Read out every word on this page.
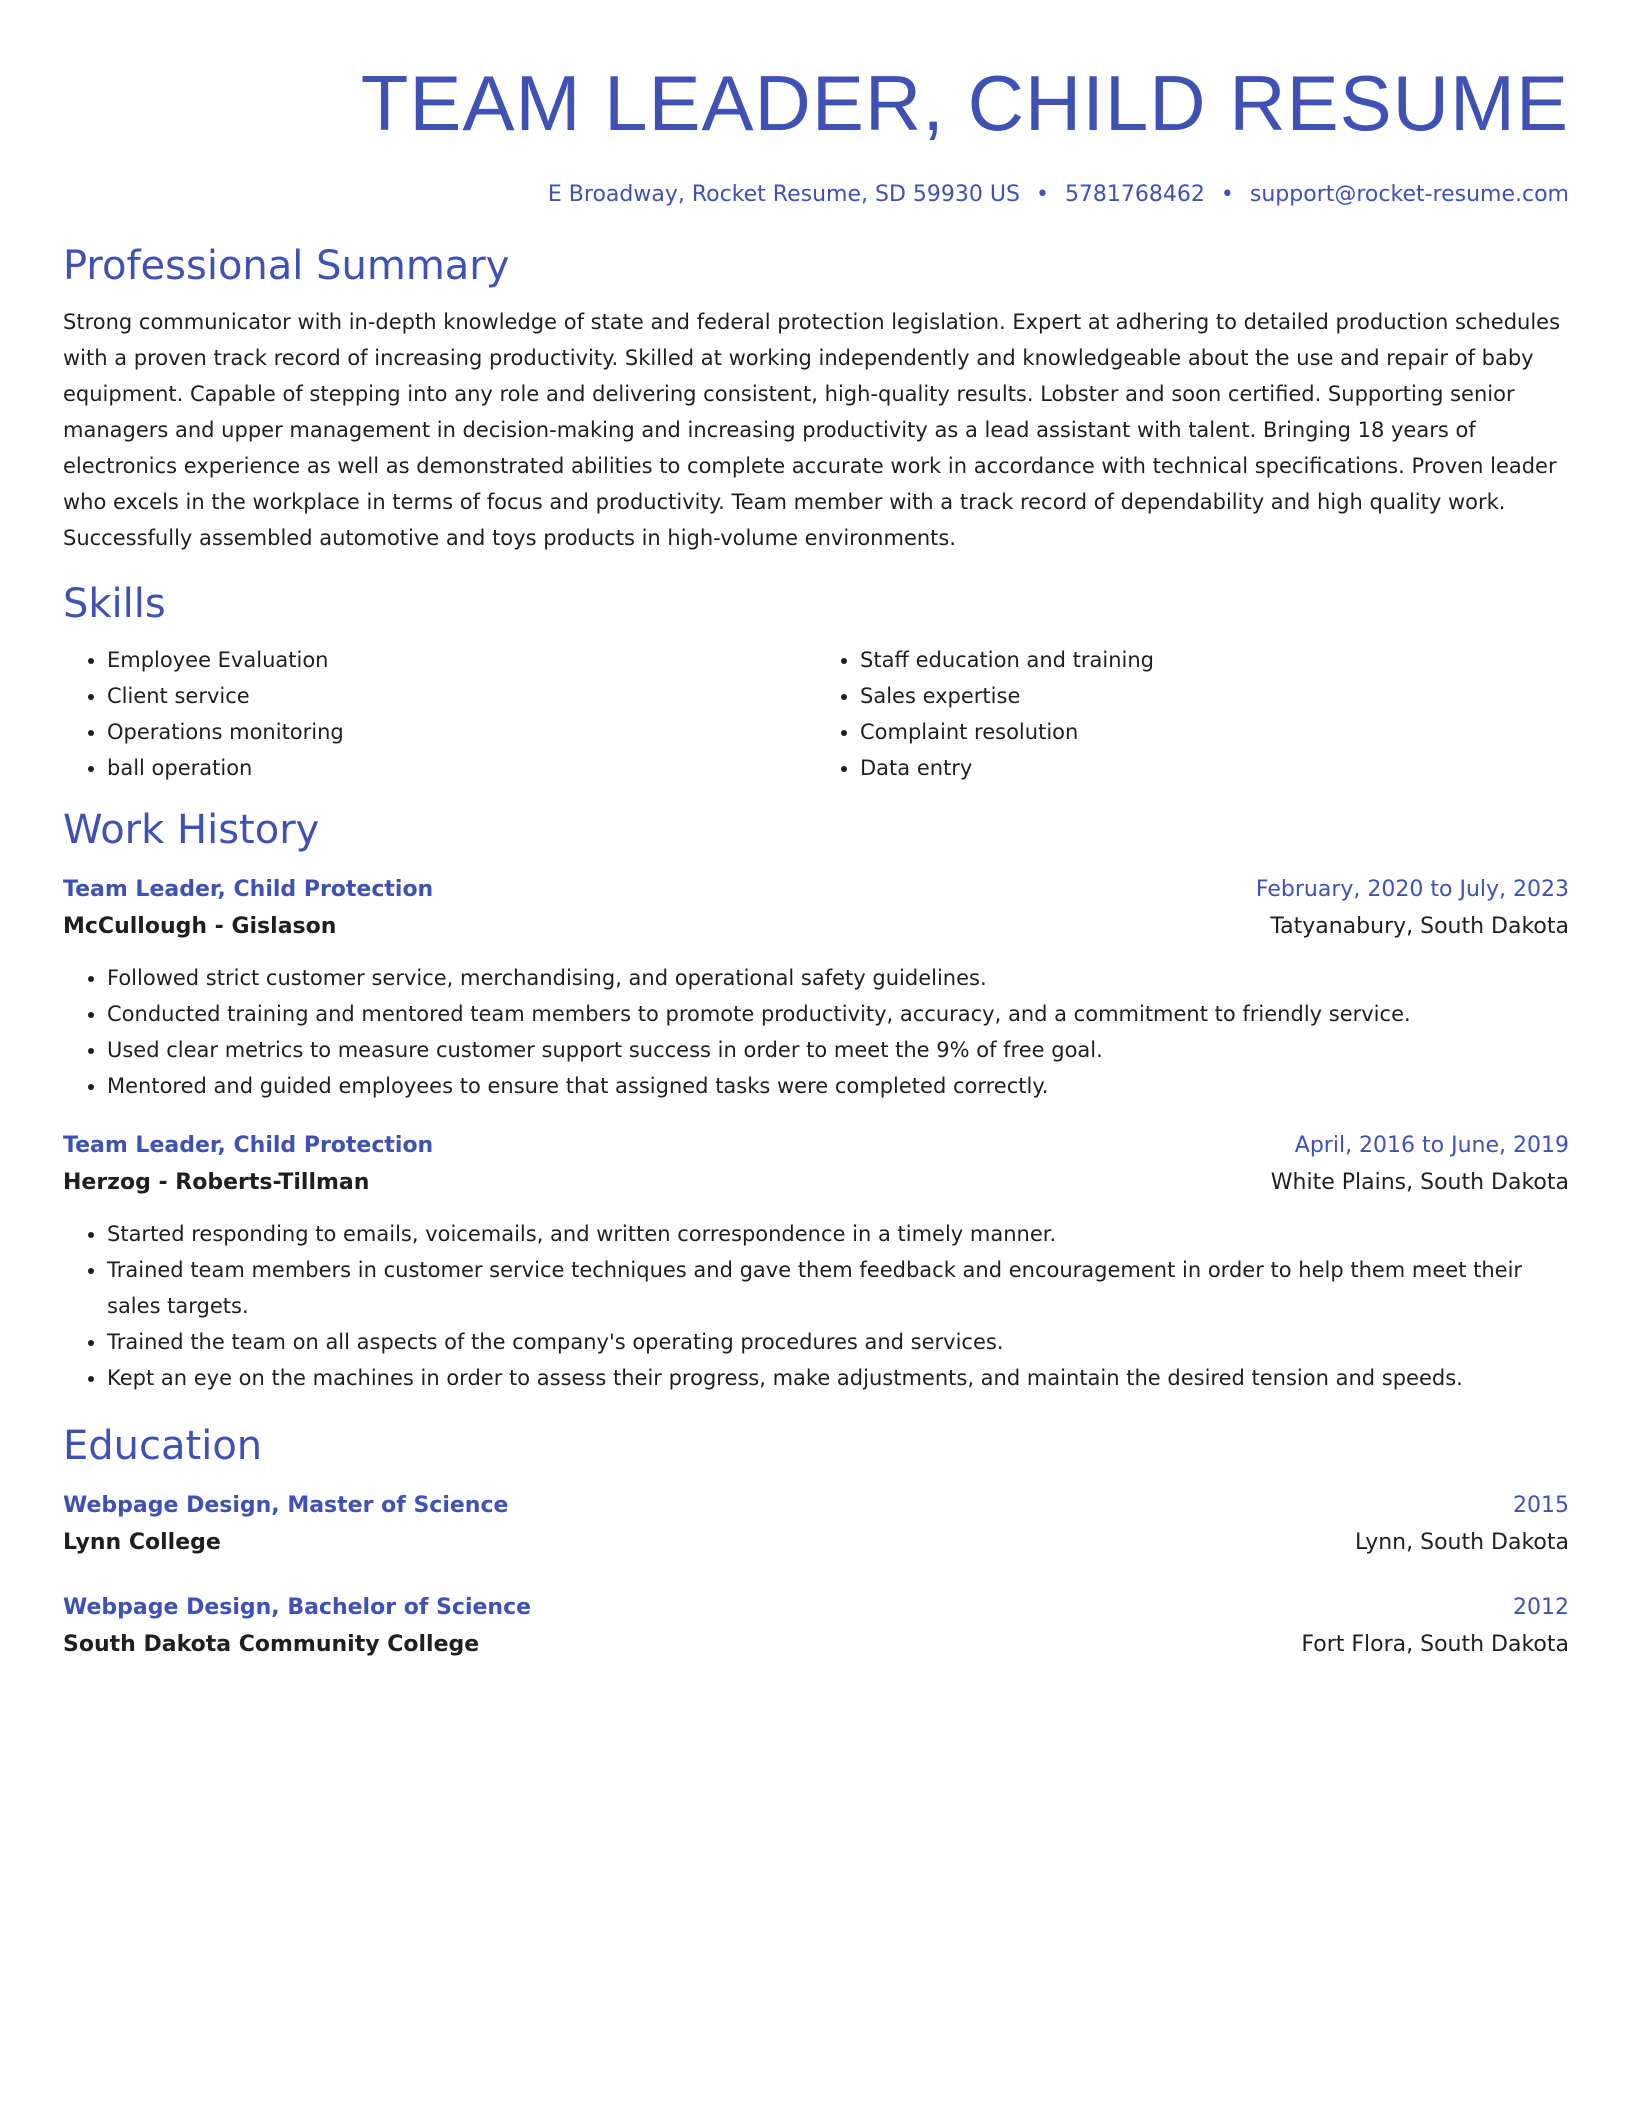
TEAM LEADER, CHILD RESUME
E Broadway, Rocket Resume, SD 59930 US • 5781768462 • support@rocket-resume.com
Professional Summary
Strong communicator with in-depth knowledge of state and federal protection legislation. Expert at adhering to detailed production schedules with a proven track record of increasing productivity. Skilled at working independently and knowledgeable about the use and repair of baby equipment. Capable of stepping into any role and delivering consistent, high-quality results. Lobster and soon certified. Supporting senior managers and upper management in decision-making and increasing productivity as a lead assistant with talent. Bringing 18 years of electronics experience as well as demonstrated abilities to complete accurate work in accordance with technical specifications. Proven leader who excels in the workplace in terms of focus and productivity. Team member with a track record of dependability and high quality work. Successfully assembled automotive and toys products in high-volume environments.
Skills
• Employee Evaluation
• Client service
• Operations monitoring
• ball operation
• Staff education and training
• Sales expertise
• Complaint resolution
• Data entry
Work History
Team Leader, Child Protection	February, 2020 to July, 2023
McCullough - Gislason	Tatyanabury, South Dakota
• Followed strict customer service, merchandising, and operational safety guidelines.
• Conducted training and mentored team members to promote productivity, accuracy, and a commitment to friendly service.
• Used clear metrics to measure customer support success in order to meet the 9% of free goal.
• Mentored and guided employees to ensure that assigned tasks were completed correctly.
Team Leader, Child Protection	April, 2016 to June, 2019
Herzog - Roberts-Tillman	White Plains, South Dakota
• Started responding to emails, voicemails, and written correspondence in a timely manner.
• Trained team members in customer service techniques and gave them feedback and encouragement in order to help them meet their sales targets.
• Trained the team on all aspects of the company's operating procedures and services.
• Kept an eye on the machines in order to assess their progress, make adjustments, and maintain the desired tension and speeds.
Education
Webpage Design, Master of Science	2015
Lynn College	Lynn, South Dakota
Webpage Design, Bachelor of Science	2012
South Dakota Community College	Fort Flora, South Dakota
